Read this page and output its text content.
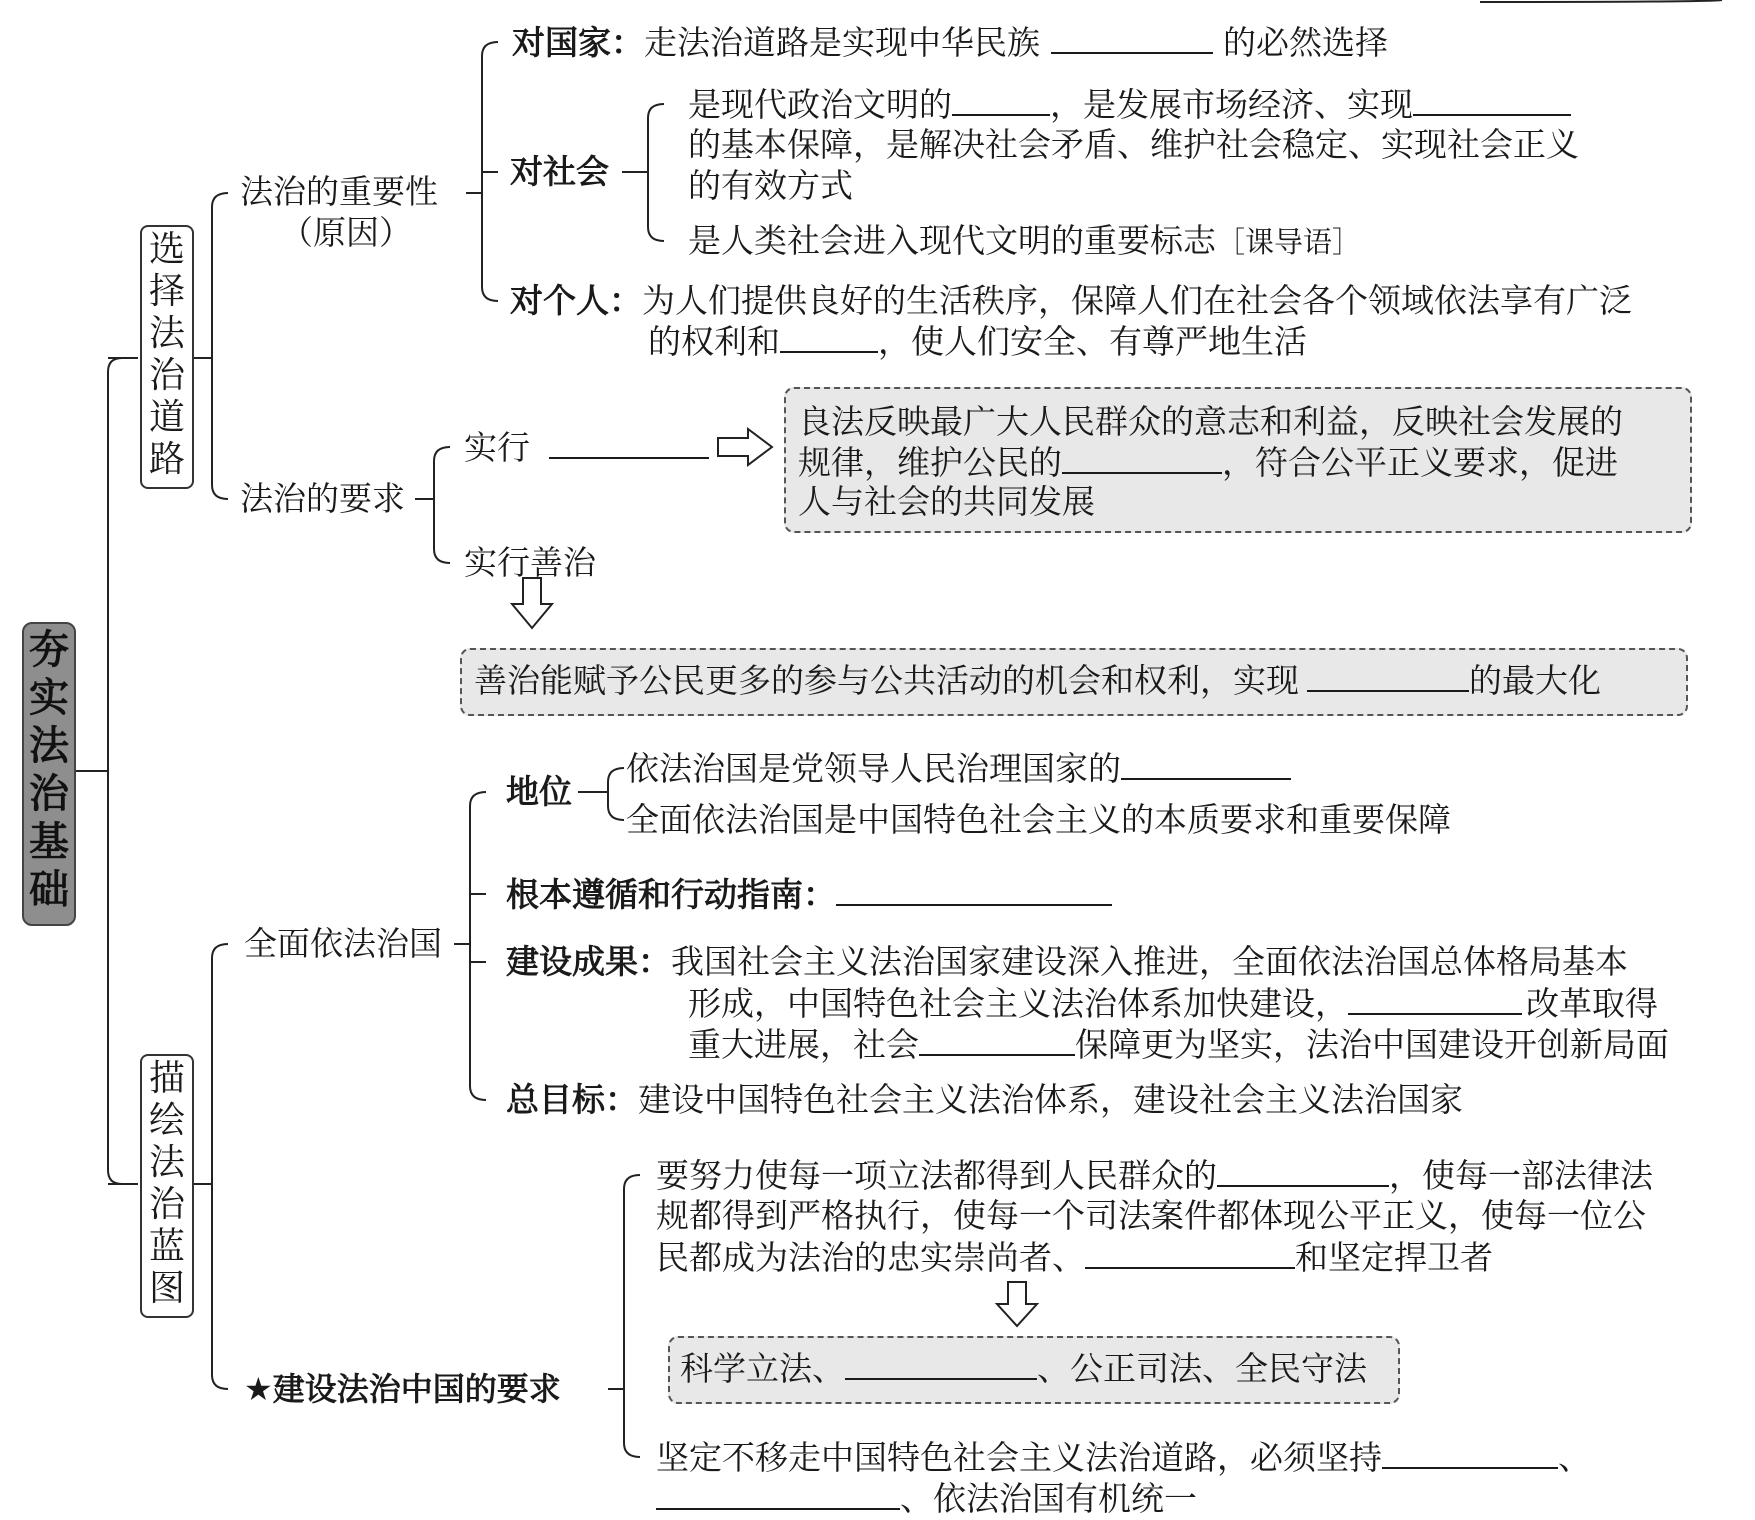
夯实法治基础
选择法治道路
描绘法治蓝图
法治的重要性
（原因）
对国家：走法治道路是实现中华民族	的必然选择
对社会
是现代政治文明的	，是发展市场经济、实现
的基本保障，是解决社会矛盾、维护社会稳定、实现社会正义
的有效方式
是人类社会进入现代文明的重要标志［课导语］
对个人：为人们提供良好的生活秩序，保障人们在社会各个领域依法享有广泛
的权利和	，使人们安全、有尊严地生活
法治的要求
实行
实行善治
良法反映最广大人民群众的意志和利益，反映社会发展的
规律，维护公民的	，符合公平正义要求，促进
人与社会的共同发展
善治能赋予公民更多的参与公共活动的机会和权利，实现	的最大化
全面依法治国
地位
依法治国是党领导人民治理国家的
全面依法治国是中国特色社会主义的本质要求和重要保障
根本遵循和行动指南：
建设成果：我国社会主义法治国家建设深入推进，全面依法治国总体格局基本
形成，中国特色社会主义法治体系加快建设，	改革取得
重大进展，社会	保障更为坚实，法治中国建设开创新局面
总目标：建设中国特色社会主义法治体系，建设社会主义法治国家
★建设法治中国的要求
要努力使每一项立法都得到人民群众的	，使每一部法律法
规都得到严格执行，使每一个司法案件都体现公平正义，使每一位公
民都成为法治的忠实崇尚者、	和坚定捍卫者
科学立法、	、公正司法、全民守法
坚定不移走中国特色社会主义法治道路，必须坚持	、
、依法治国有机统一
